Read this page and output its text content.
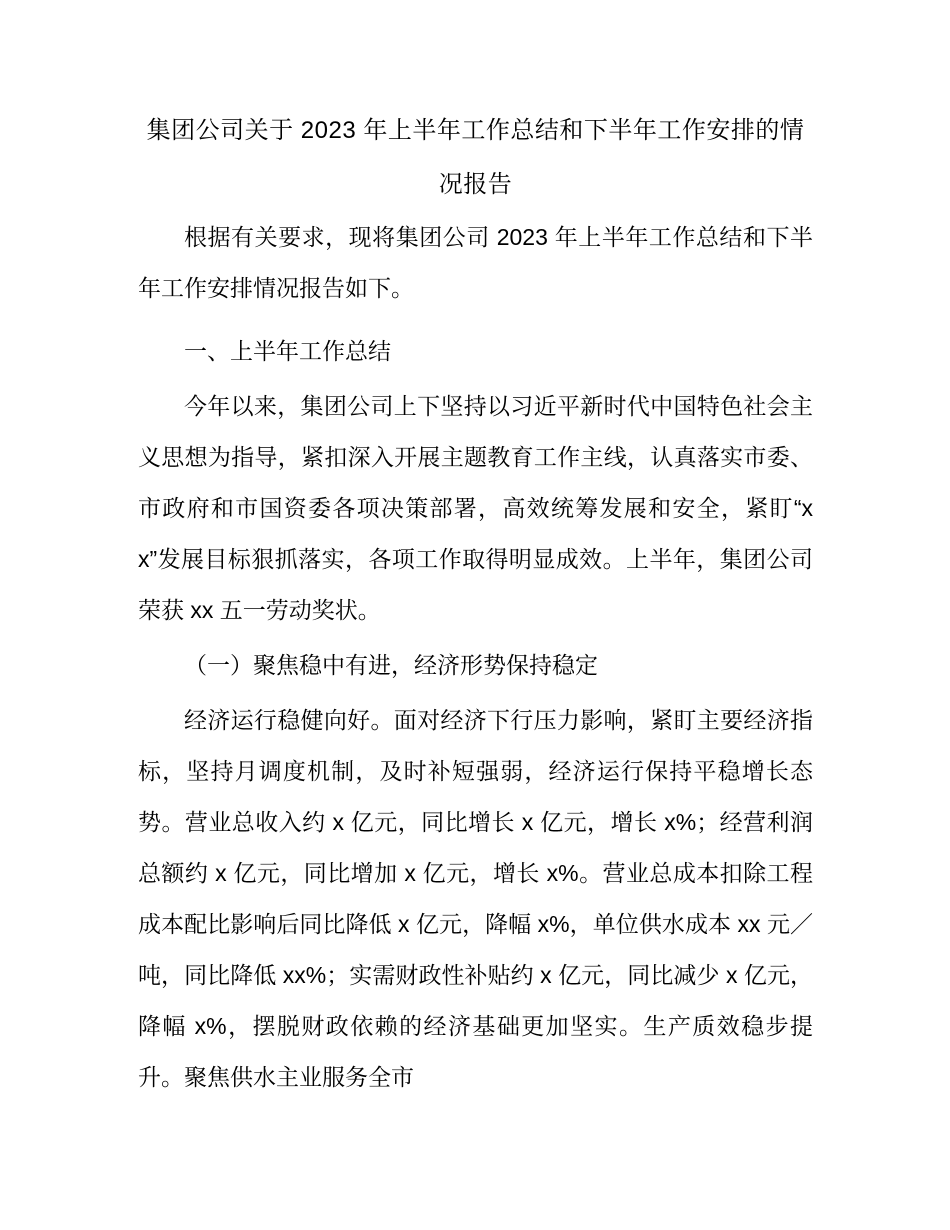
集团公司关于 2023 年上半年工作总结和下半年工作安排的情况报告

根据有关要求，现将集团公司 2023 年上半年工作总结和下半年工作安排情况报告如下。

一、上半年工作总结

今年以来，集团公司上下坚持以习近平新时代中国特色社会主义思想为指导，紧扣深入开展主题教育工作主线，认真落实市委、市政府和市国资委各项决策部署，高效统筹发展和安全，紧盯“xx”发展目标狠抓落实，各项工作取得明显成效。上半年，集团公司荣获 xx 五一劳动奖状。

（一）聚焦稳中有进，经济形势保持稳定

经济运行稳健向好。面对经济下行压力影响，紧盯主要经济指标，坚持月调度机制，及时补短强弱，经济运行保持平稳增长态势。营业总收入约 x 亿元，同比增长 x 亿元，增长 x%；经营利润总额约 x 亿元，同比增加 x 亿元，增长 x%。营业总成本扣除工程成本配比影响后同比降低 x 亿元，降幅 x%，单位供水成本 xx 元／吨，同比降低 xx%；实需财政性补贴约 x 亿元，同比减少 x 亿元，降幅 x%，摆脱财政依赖的经济基础更加坚实。生产质效稳步提升。聚焦供水主业服务全市
